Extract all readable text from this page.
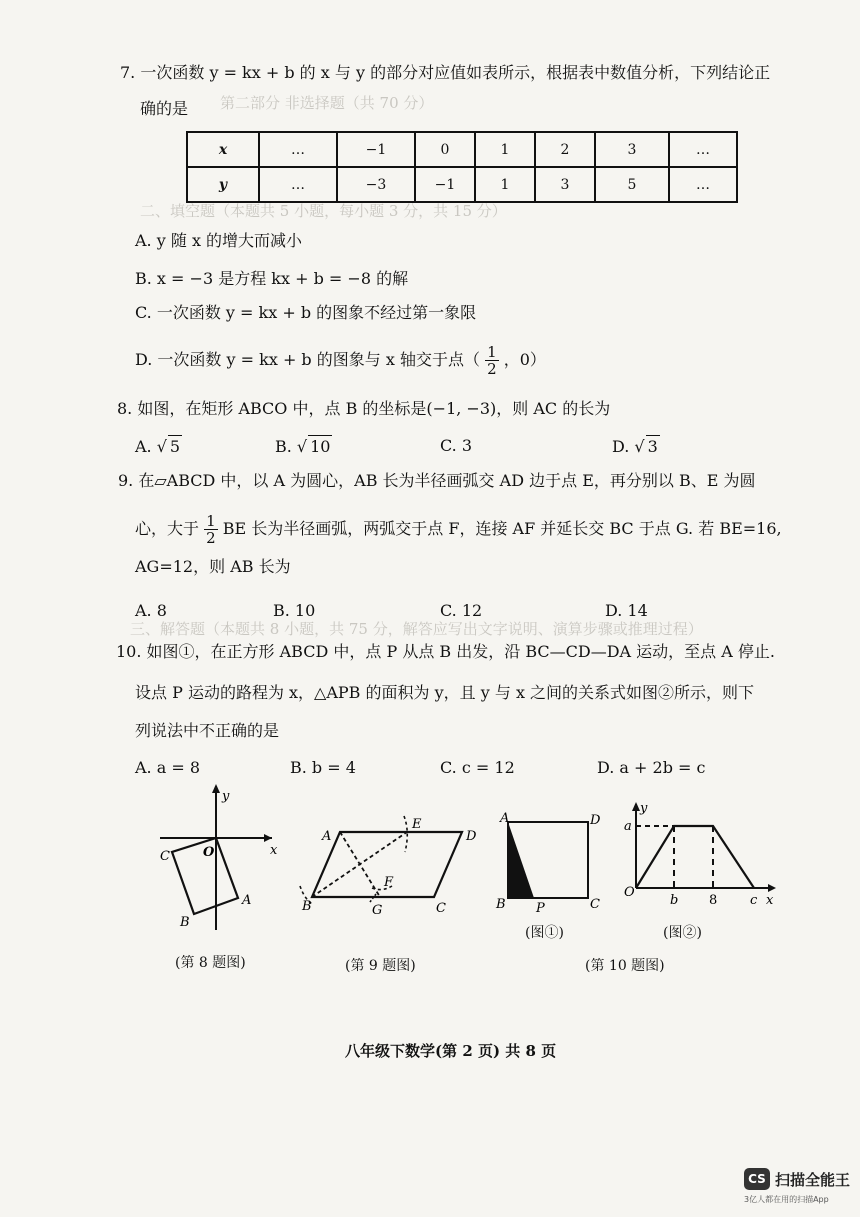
第二部分 非选择题（共 70 分）
二、填空题（本题共 5 小题，每小题 3 分，共 15 分）
三、解答题（本题共 8 小题，共 75 分，解答应写出文字说明、演算步骤或推理过程）
7. 一次函数 y = kx + b 的 x 与 y 的部分对应值如表所示，根据表中数值分析，下列结论正
确的是
x	…	−1	0	1	2	3	…
y	…	−3	−1	1	3	5	…
A. y 随 x 的增大而减小
B. x = −3 是方程 kx + b = −8 的解
C. 一次函数 y = kx + b 的图象不经过第一象限
D. 一次函数 y = kx + b 的图象与 x 轴交于点（ $\frac{1}{2}$ ，0）
8. 如图，在矩形 ABCO 中，点 B 的坐标是(−1, −3)，则 AC 的长为
A. √ 5	B. √ 10	C. 3	D. √ 3
9. 在▱ABCD 中，以 A 为圆心，AB 长为半径画弧交 AD 边于点 E，再分别以 B、E 为圆
心，大于 $\frac{1}{2}$ BE 长为半径画弧，两弧交于点 F，连接 AF 并延长交 BC 于点 G. 若 BE=16,
AG=12，则 AB 长为
A. 8	B. 10	C. 12	D. 14
10. 如图①，在正方形 ABCD 中，点 P 从点 B 出发，沿 BC—CD—DA 运动，至点 A 停止.
设点 P 运动的路程为 x，△APB 的面积为 y，且 y 与 x 之间的关系式如图②所示，则下
列说法中不正确的是
A. a = 8	B. b = 4	C. c = 12	D. a + 2b = c
y
x
O
C
B
A
A
E
D
F
B	G	C
A	D
B P	C
y
a
O
b 8	c x
(图①)	(图②)
(第 8 题图)	(第 9 题图)	(第 10 题图)
八年级下数学(第 2 页) 共 8 页
CS 扫描全能王
3亿人都在用的扫描App
